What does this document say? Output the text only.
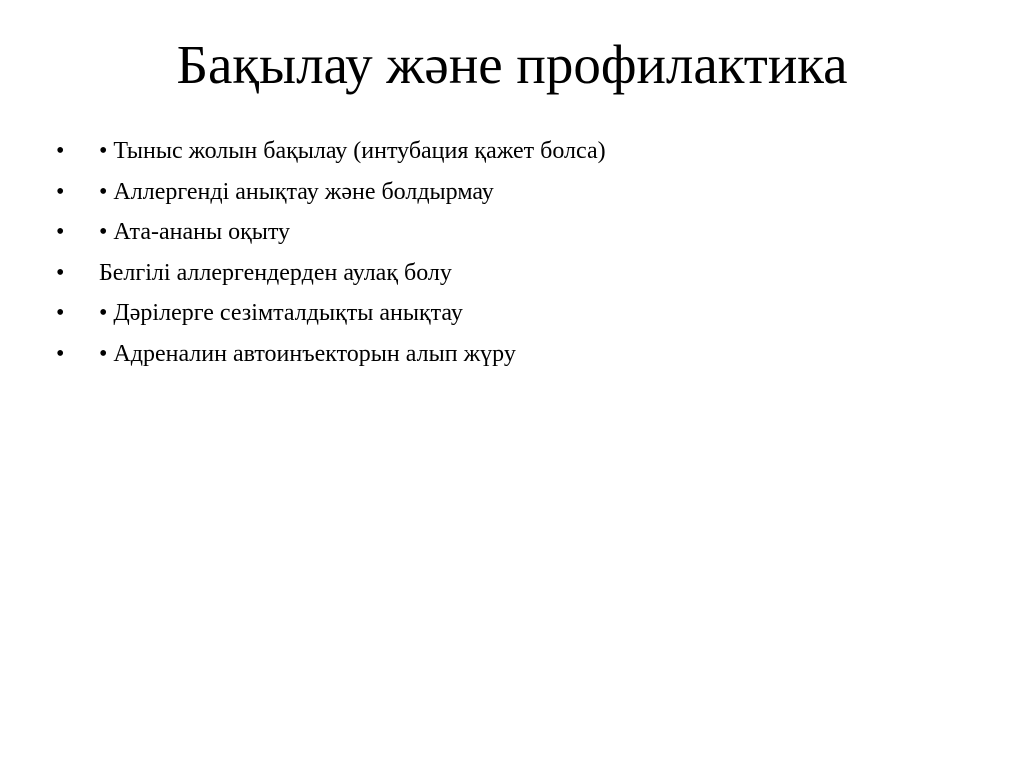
Бақылау және профилактика
•	• Тыныс жолын бақылау (интубация қажет болса)
•	• Аллергенді анықтау және болдырмау
•	• Ата-ананы оқыту
•	Белгілі аллергендерден аулақ болу
•	• Дәрілерге сезімталдықты анықтау
•	• Адреналин автоинъекторын алып жүру
